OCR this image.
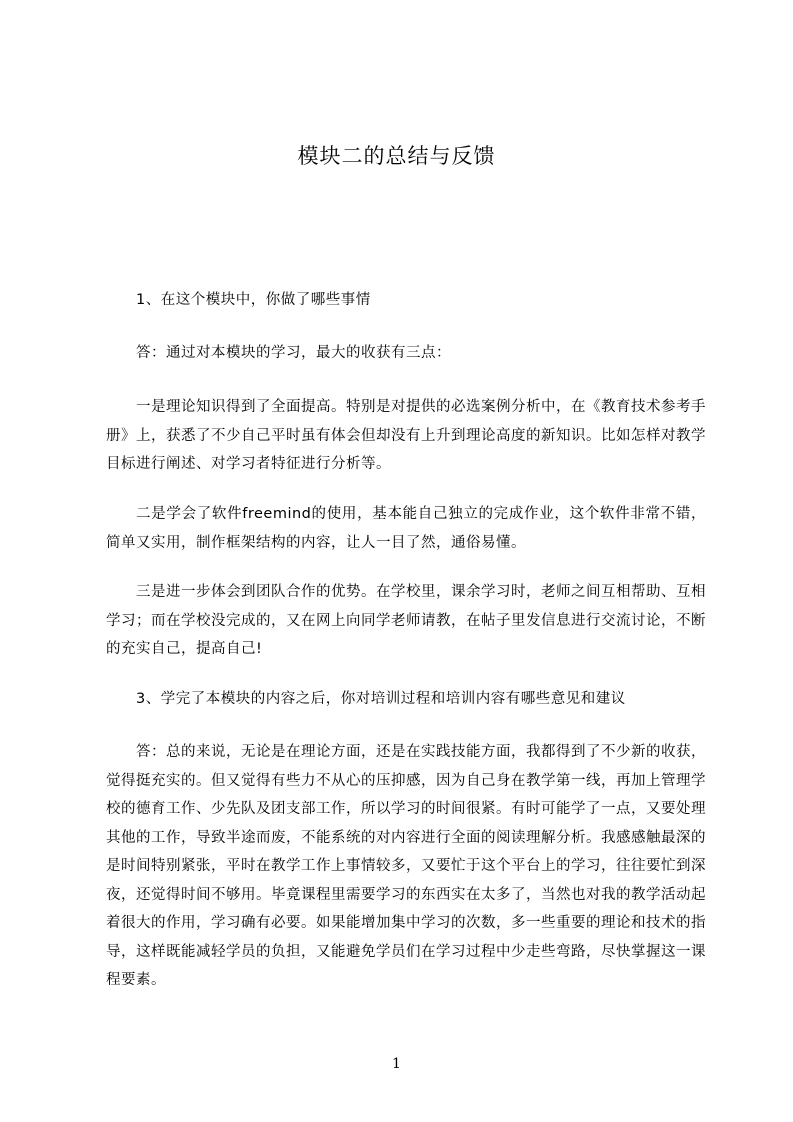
模块二的总结与反馈

1、在这个模块中，你做了哪些事情

答：通过对本模块的学习，最大的收获有三点：

一是理论知识得到了全面提高。特别是对提供的必选案例分析中，在《教育技术参考手册》上，获悉了不少自己平时虽有体会但却没有上升到理论高度的新知识。比如怎样对教学目标进行阐述、对学习者特征进行分析等。

二是学会了软件freemind的使用，基本能自己独立的完成作业，这个软件非常不错，简单又实用，制作框架结构的内容，让人一目了然，通俗易懂。

三是进一步体会到团队合作的优势。在学校里，课余学习时，老师之间互相帮助、互相学习；而在学校没完成的，又在网上向同学老师请教，在帖子里发信息进行交流讨论，不断的充实自己，提高自己!

3、学完了本模块的内容之后，你对培训过程和培训内容有哪些意见和建议

答：总的来说，无论是在理论方面，还是在实践技能方面，我都得到了不少新的收获，觉得挺充实的。但又觉得有些力不从心的压抑感，因为自己身在教学第一线，再加上管理学校的德育工作、少先队及团支部工作，所以学习的时间很紧。有时可能学了一点，又要处理其他的工作，导致半途而废，不能系统的对内容进行全面的阅读理解分析。我感感触最深的是时间特别紧张，平时在教学工作上事情较多，又要忙于这个平台上的学习，往往要忙到深夜，还觉得时间不够用。毕竟课程里需要学习的东西实在太多了，当然也对我的教学活动起着很大的作用，学习确有必要。如果能增加集中学习的次数，多一些重要的理论和技术的指导，这样既能减轻学员的负担，又能避免学员们在学习过程中少走些弯路，尽快掌握这一课程要素。

1
